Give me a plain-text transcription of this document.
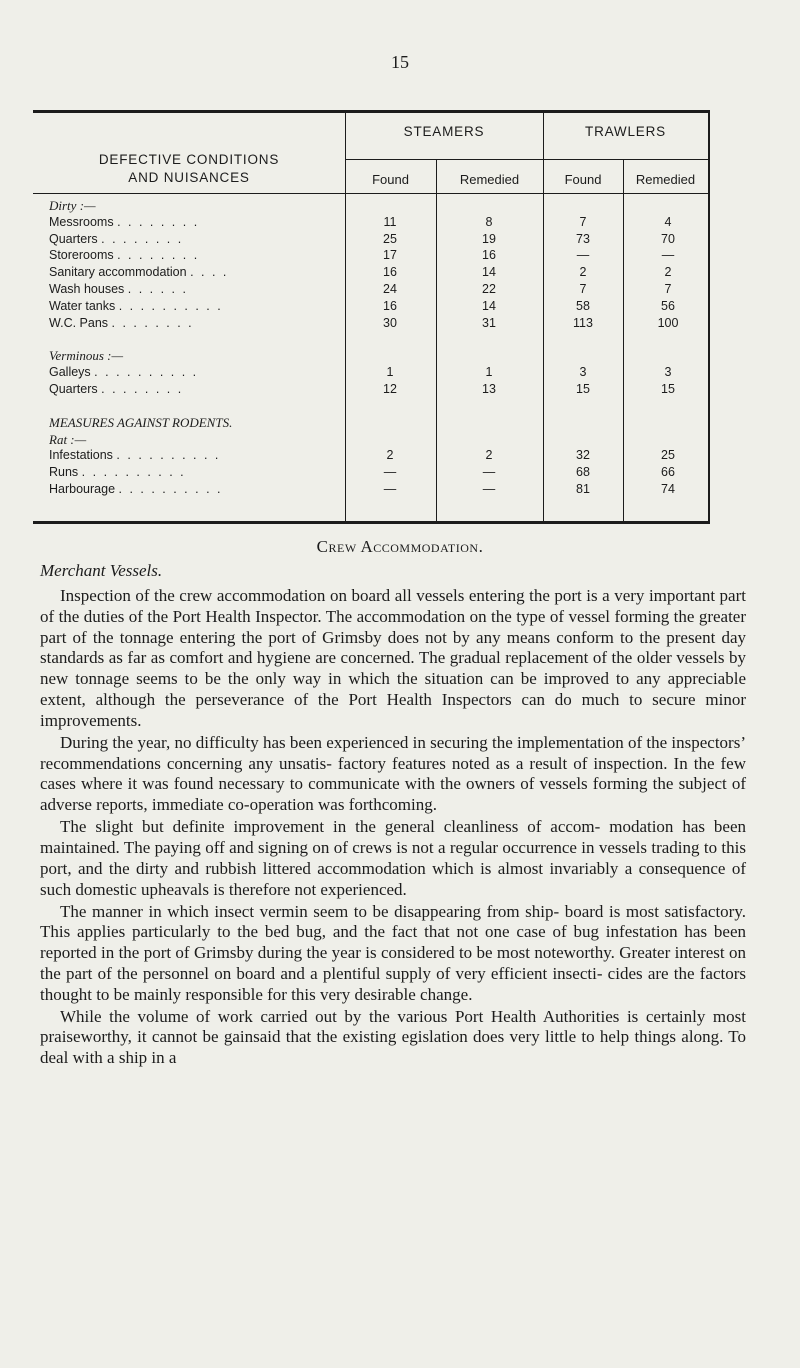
15
DEFECTIVE CONDITIONS
AND NUISANCES
STEAMERS	TRAWLERS
Found	Remedied	Found	Remedied
Dirty :—
Messrooms . . . . . . . .	11	8	7	4
Quarters . . . . . . . .	25	19	73	70
Storerooms . . . . . . . .	17	16	—	—
Sanitary accommodation . . . .	16	14	2	2
Wash houses . . . . . .	24	22	7	7
Water tanks . . . . . . . . . .	16	14	58	56
W.C. Pans . . . . . . . .	30	31	113	100
Verminous :—
Galleys . . . . . . . . . .	1	1	3	3
Quarters . . . . . . . .	12	13	15	15
MEASURES AGAINST RODENTS.
Rat :—
Infestations . . . . . . . . . .	2	2	32	25
Runs . . . . . . . . . .	—	—	68	66
Harbourage . . . . . . . . . .	—	—	81	74
Crew Accommodation.
Merchant Vessels.

Inspection of the crew accommodation on board all vessels entering the port is a very important part of the duties of the Port Health Inspector. The accommodation on the type of vessel forming the greater part of the tonnage entering the port of Grimsby does not by any means conform to the present day standards as far as comfort and hygiene are concerned. The gradual replacement of the older vessels by new tonnage seems to be the only way in which the situation can be improved to any appreciable extent, although the perseverance of the Port Health Inspectors can do much to secure minor improvements.

During the year, no difficulty has been experienced in securing the implementation of the inspectors’ recommendations concerning any unsatis- factory features noted as a result of inspection. In the few cases where it was found necessary to communicate with the owners of vessels forming the subject of adverse reports, immediate co-operation was forthcoming.

The slight but definite improvement in the general cleanliness of accom- modation has been maintained. The paying off and signing on of crews is not a regular occurrence in vessels trading to this port, and the dirty and rubbish littered accommodation which is almost invariably a consequence of such domestic upheavals is therefore not experienced.

The manner in which insect vermin seem to be disappearing from ship- board is most satisfactory. This applies particularly to the bed bug, and the fact that not one case of bug infestation has been reported in the port of Grimsby during the year is considered to be most noteworthy. Greater interest on the part of the personnel on board and a plentiful supply of very efficient insecti- cides are the factors thought to be mainly responsible for this very desirable change.

While the volume of work carried out by the various Port Health Authorities is certainly most praiseworthy, it cannot be gainsaid that the existing egislation does very little to help things along. To deal with a ship in a
